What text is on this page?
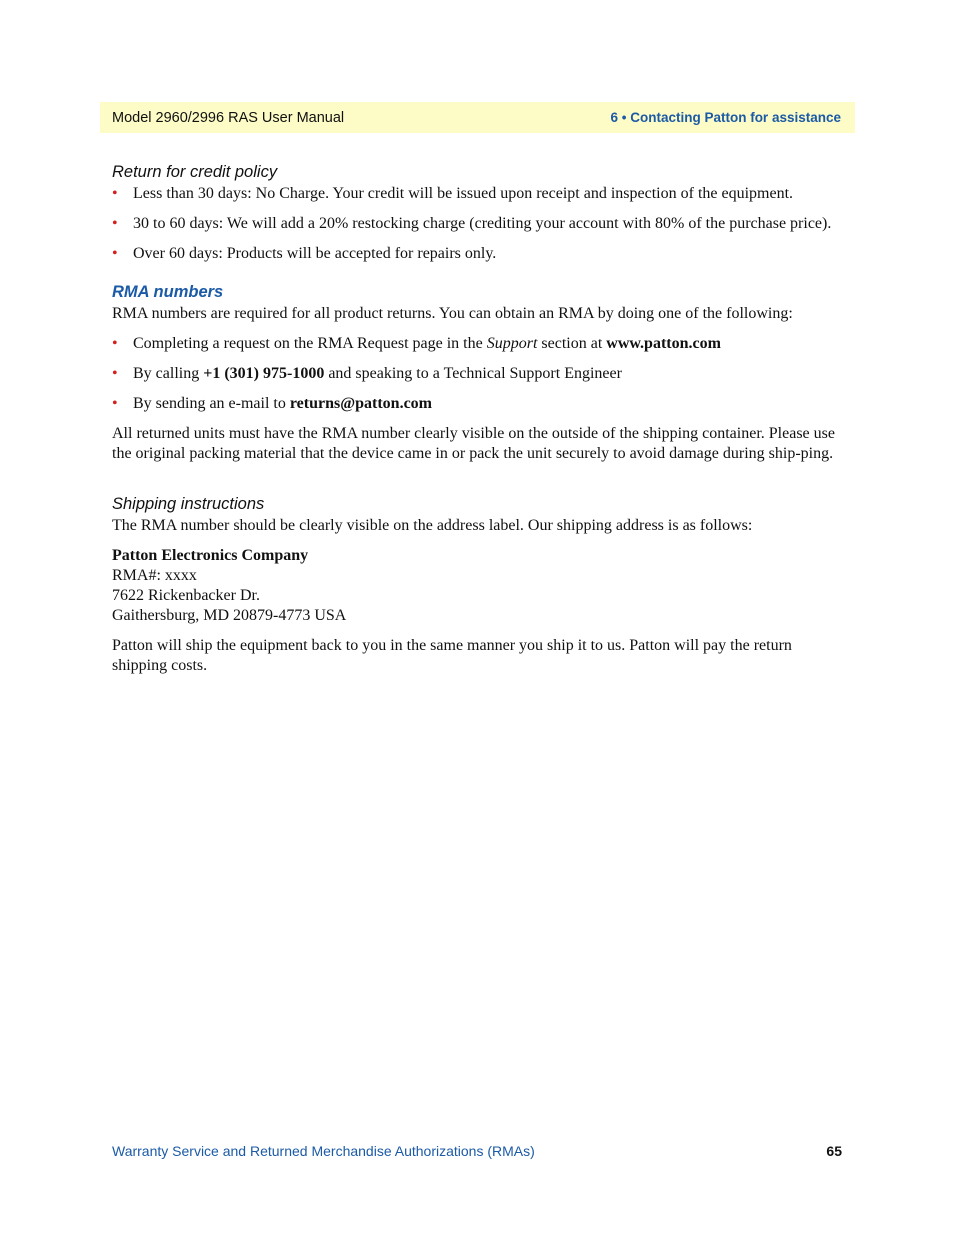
Model 2960/2996 RAS User Manual	6 • Contacting Patton for assistance
Return for credit policy
• Less than 30 days: No Charge. Your credit will be issued upon receipt and inspection of the equipment.
• 30 to 60 days: We will add a 20% restocking charge (crediting your account with 80% of the purchase price).
• Over 60 days: Products will be accepted for repairs only.
RMA numbers

RMA numbers are required for all product returns. You can obtain an RMA by doing one of the following:

• Completing a request on the RMA Request page in the Support section at www.patton.com
• By calling +1 (301) 975-1000 and speaking to a Technical Support Engineer
• By sending an e-mail to returns@patton.com

All returned units must have the RMA number clearly visible on the outside of the shipping container. Please use the original packing material that the device came in or pack the unit securely to avoid damage during ship-ping.

Shipping instructions

The RMA number should be clearly visible on the address label. Our shipping address is as follows:

Patton Electronics Company

RMA#: xxxx

7622 Rickenbacker Dr.

Gaithersburg, MD 20879-4773 USA

Patton will ship the equipment back to you in the same manner you ship it to us. Patton will pay the return shipping costs.

Warranty Service and Returned Merchandise Authorizations (RMAs)	65
